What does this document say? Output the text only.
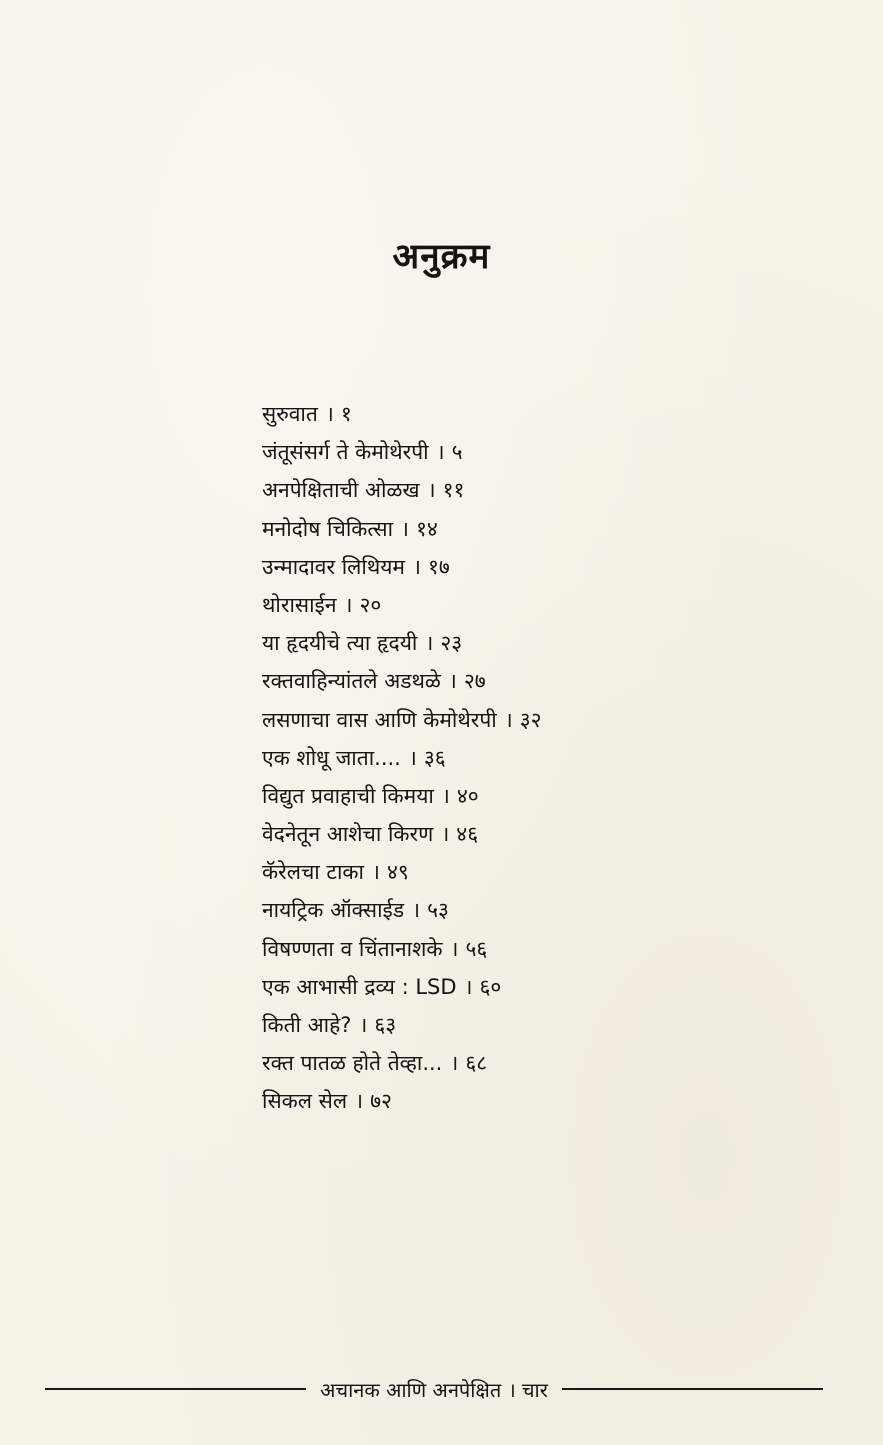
अनुक्रम
सुरुवात । १
जंतूसंसर्ग ते केमोथेरपी । ५
अनपेक्षिताची ओळख । ११
मनोदोष चिकित्सा । १४
उन्मादावर लिथियम । १७
थोरासाईन । २०
या हृदयीचे त्या हृदयी । २३
रक्तवाहिन्यांतले अडथळे । २७
लसणाचा वास आणि केमोथेरपी । ३२
एक शोधू जाता.... । ३६
विद्युत प्रवाहाची किमया । ४०
वेदनेतून आशेचा किरण । ४६
कॅरेलचा टाका । ४९
नायट्रिक ऑक्साईड । ५३
विषण्णता व चिंतानाशके । ५६
एक आभासी द्रव्य : LSD । ६०
किती आहे? । ६३
रक्त पातळ होते तेव्हा... । ६८
सिकल सेल । ७२
अचानक आणि अनपेक्षित । चार
